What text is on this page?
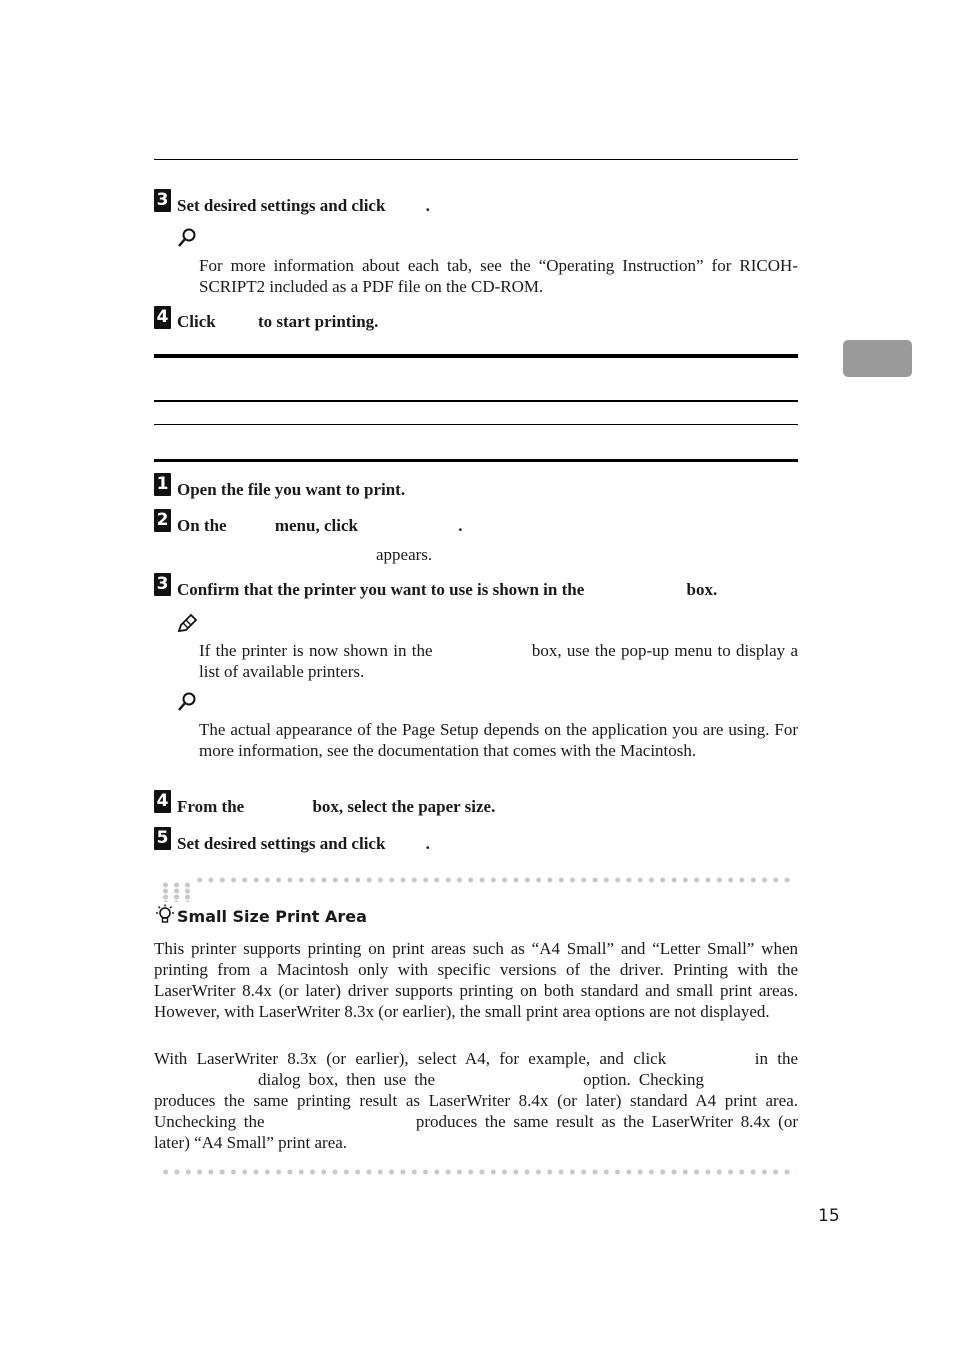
3 Set desired settings and click .
For more information about each tab, see the “Operating Instruction” for RICOH-SCRIPT2 included as a PDF file on the CD-ROM.
4 Click to start printing.
1 Open the file you want to print.
2 On the	menu, click	.
appears.
3 Confirm that the printer you want to use is shown in the	box.
If the printer is now shown in the	box, use the pop-up menu to display a list of available printers.
The actual appearance of the Page Setup depends on the application you are using. For more information, see the documentation that comes with the Macintosh.
4 From the	box, select the paper size.
5 Set desired settings and click .
Small Size Print Area
This printer supports printing on print areas such as “A4 Small” and “Letter Small” when printing from a Macintosh only with specific versions of the driver. Printing with the LaserWriter 8.4x (or later) driver supports printing on both standard and small print areas. However, with LaserWriter 8.3x (or earlier), the small print area options are not displayed.
With LaserWriter 8.3x (or earlier), select A4, for example, and click	in the  dialog box, then use the	option. Checking  produces the same printing result as LaserWriter 8.4x (or later) standard A4 print area. Unchecking the	produces the same result as the LaserWriter 8.4x (or later) “A4 Small” print area.
15
